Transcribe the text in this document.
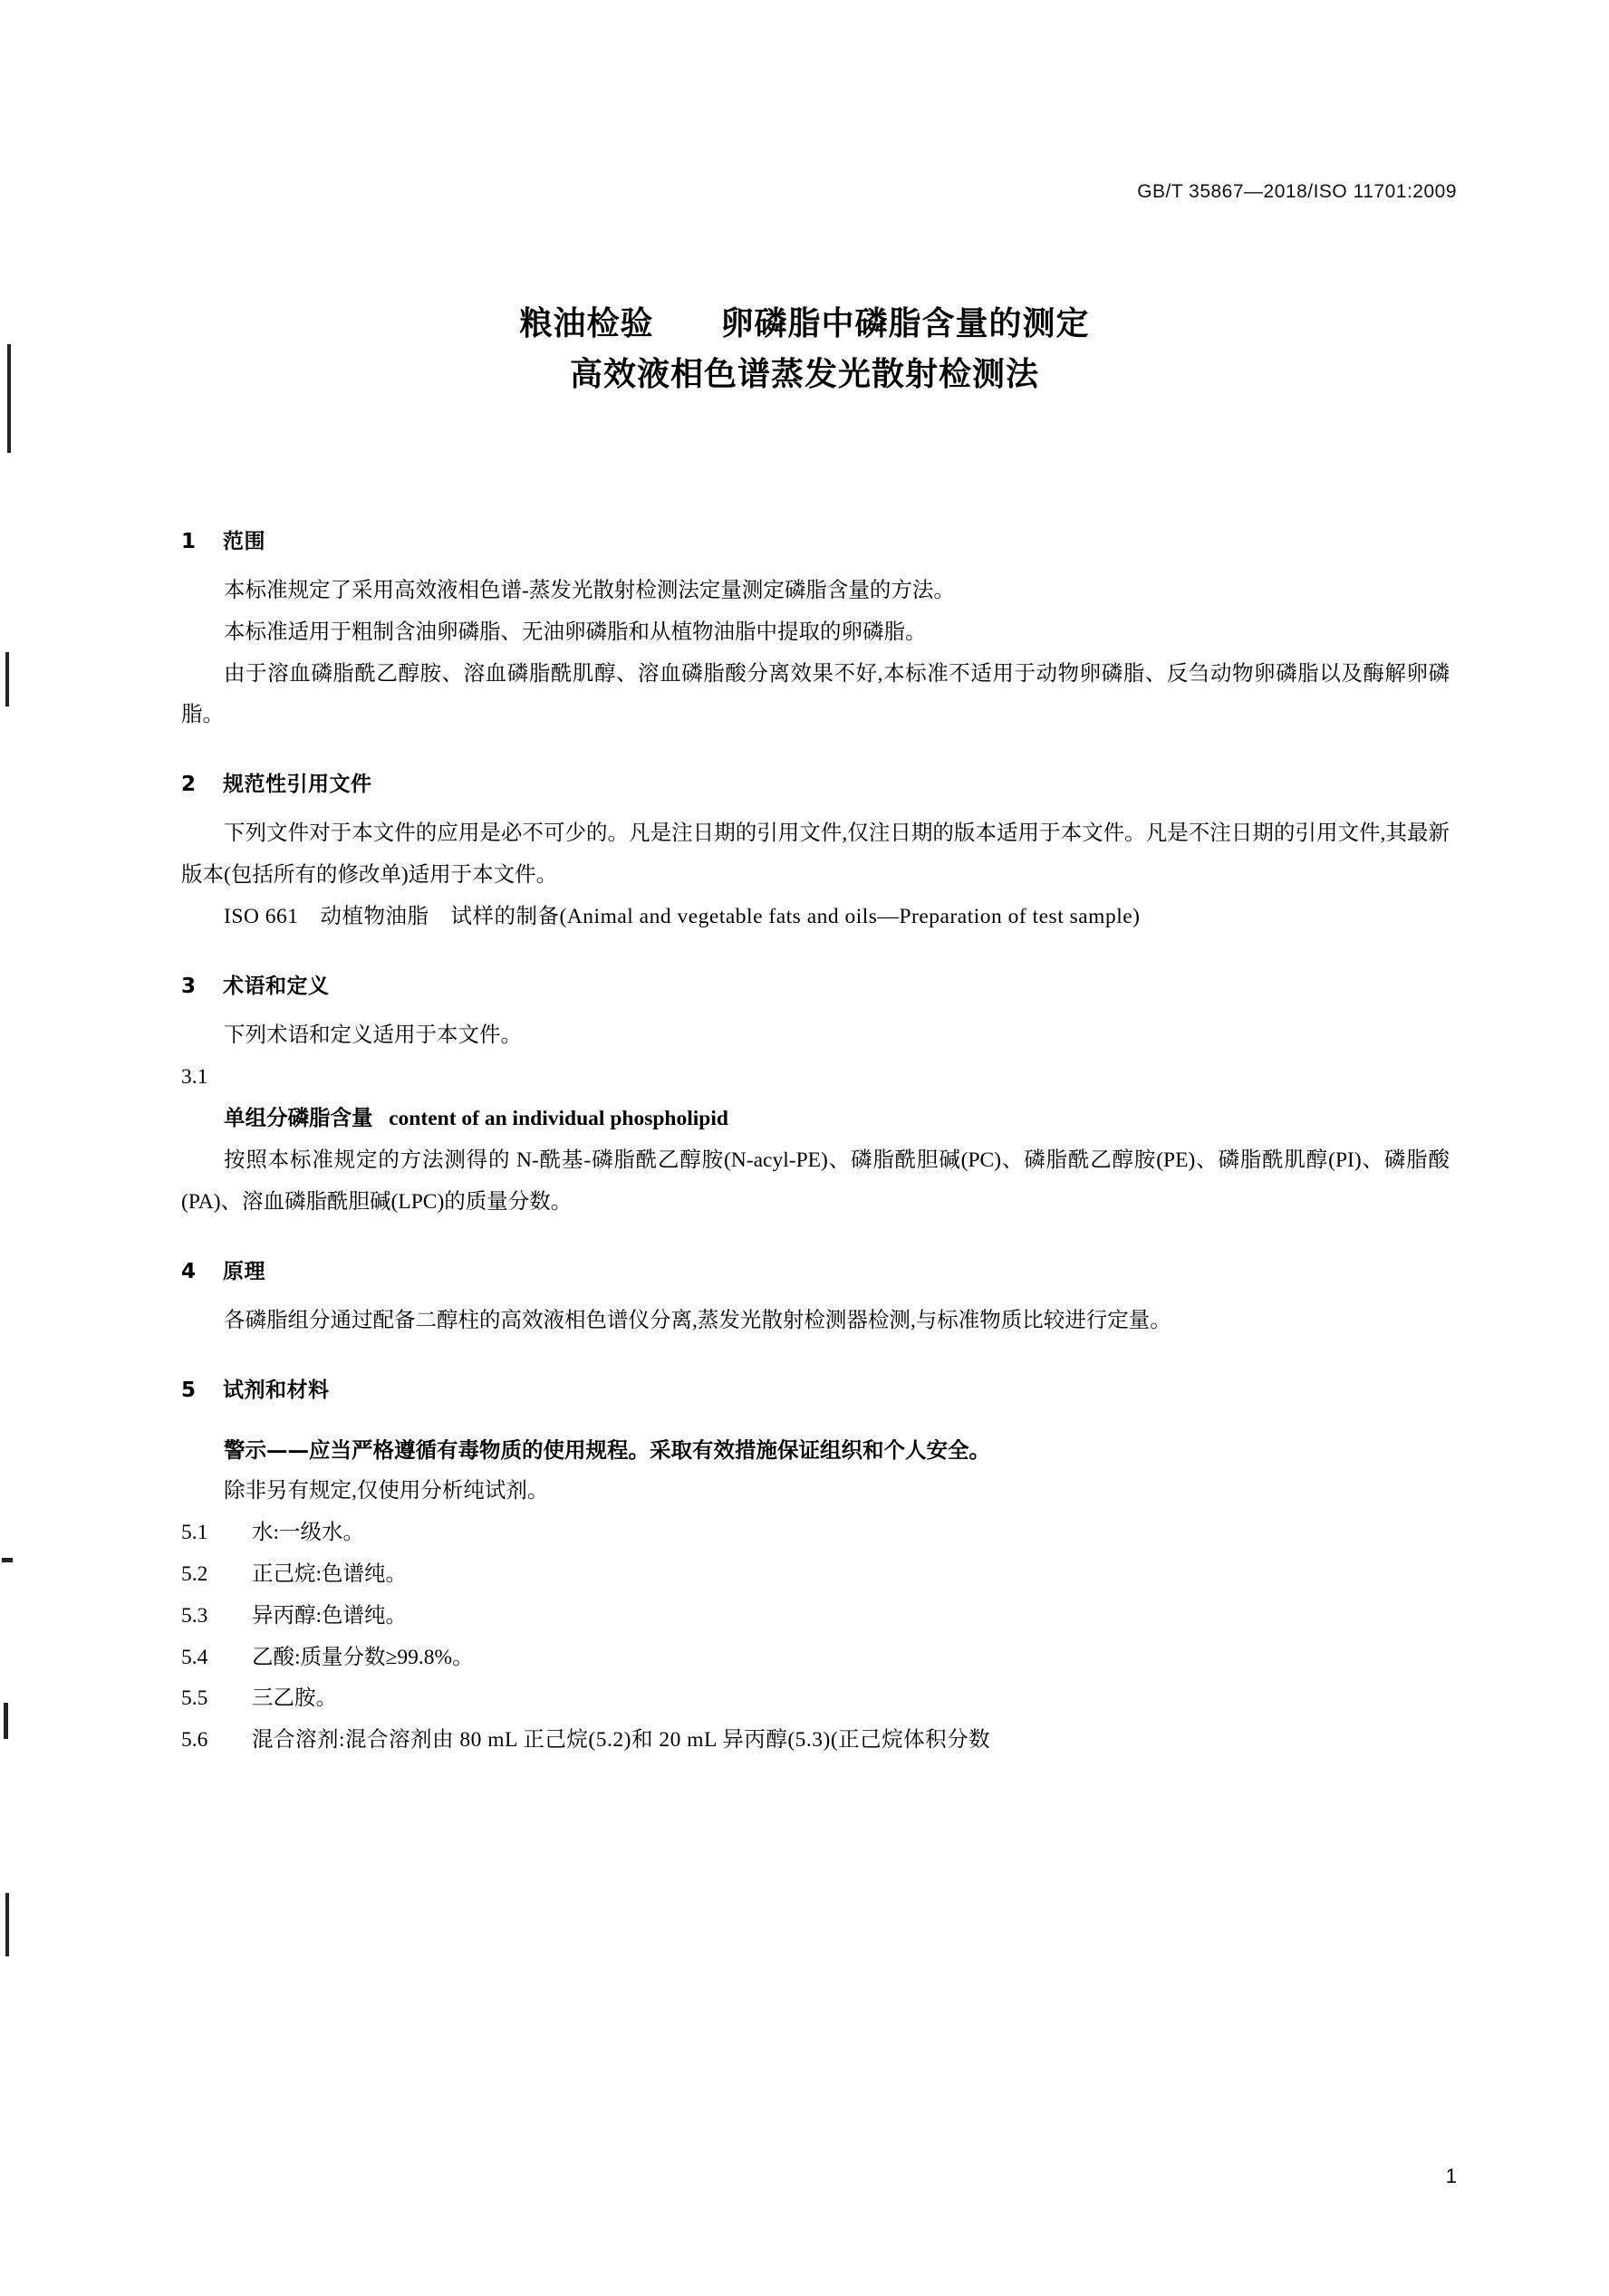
GB/T 35867—2018/ISO 11701:2009
粮油检验　　卵磷脂中磷脂含量的测定
高效液相色谱蒸发光散射检测法
1 范围

本标准规定了采用高效液相色谱-蒸发光散射检测法定量测定磷脂含量的方法。

本标准适用于粗制含油卵磷脂、无油卵磷脂和从植物油脂中提取的卵磷脂。

由于溶血磷脂酰乙醇胺、溶血磷脂酰肌醇、溶血磷脂酸分离效果不好,本标准不适用于动物卵磷脂、反刍动物卵磷脂以及酶解卵磷脂。

2 规范性引用文件

下列文件对于本文件的应用是必不可少的。凡是注日期的引用文件,仅注日期的版本适用于本文件。凡是不注日期的引用文件,其最新版本(包括所有的修改单)适用于本文件。

ISO 661　动植物油脂　试样的制备(Animal and vegetable fats and oils—Preparation of test sample)

3 术语和定义

下列术语和定义适用于本文件。

3.1

单组分磷脂含量 content of an individual phospholipid

按照本标准规定的方法测得的 N-酰基-磷脂酰乙醇胺(N-acyl-PE)、磷脂酰胆碱(PC)、磷脂酰乙醇胺(PE)、磷脂酰肌醇(PI)、磷脂酸(PA)、溶血磷脂酰胆碱(LPC)的质量分数。

4 原理

各磷脂组分通过配备二醇柱的高效液相色谱仪分离,蒸发光散射检测器检测,与标准物质比较进行定量。

5 试剂和材料

警示——应当严格遵循有毒物质的使用规程。采取有效措施保证组织和个人安全。

除非另有规定,仅使用分析纯试剂。

5.1	水:一级水。
5.2	正己烷:色谱纯。
5.3	异丙醇:色谱纯。
5.4	乙酸:质量分数≥99.8%。
5.5	三乙胺。
5.6	混合溶剂:混合溶剂由 80 mL 正己烷(5.2)和 20 mL 异丙醇(5.3)(正己烷体积分数
1
